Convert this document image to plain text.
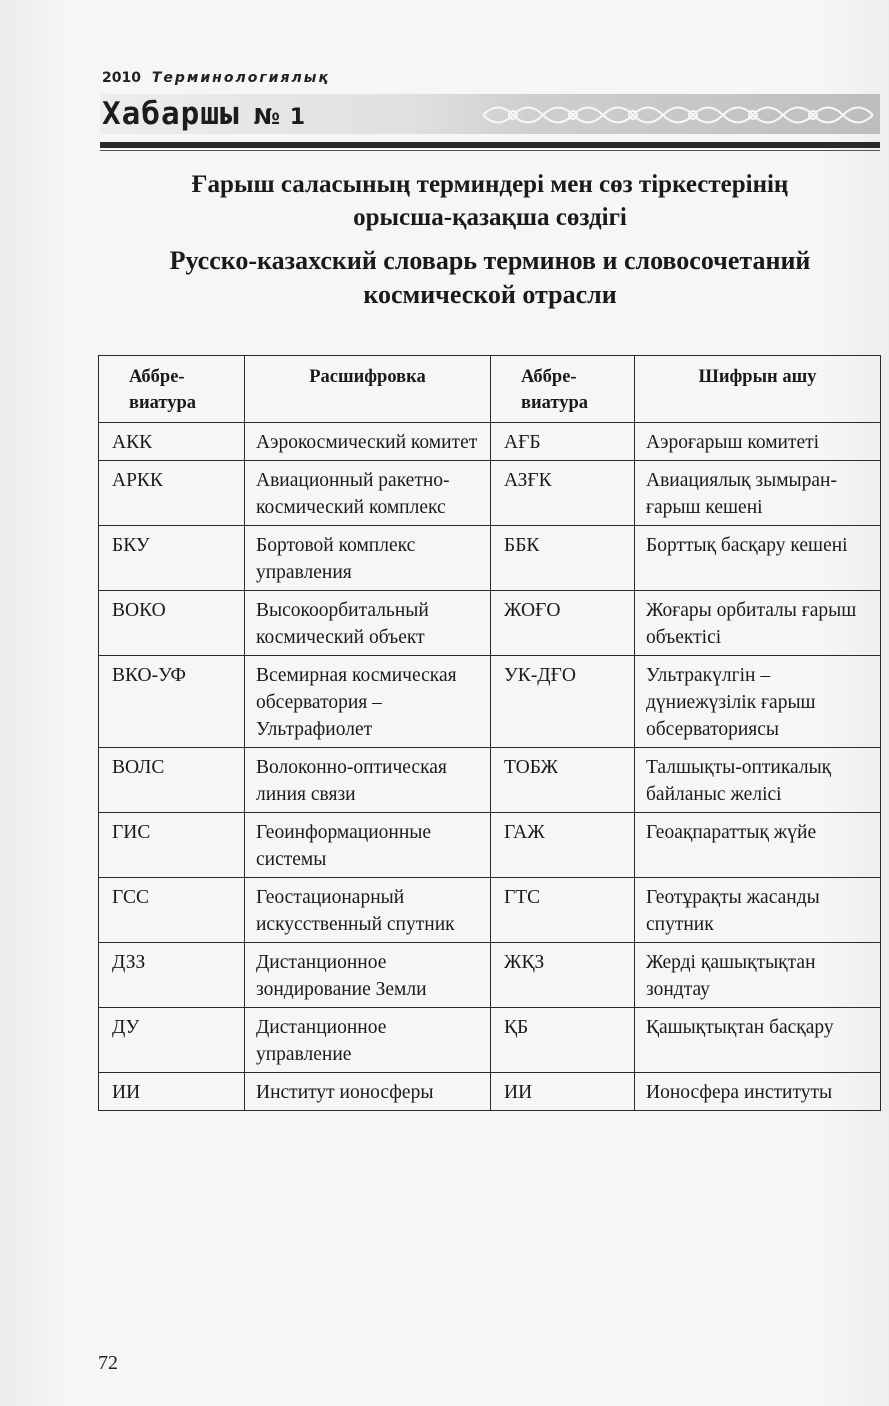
2010 Терминологиялық
Хабаршы № 1
Ғарыш саласының терминдері мен сөз тіркестерінің
орысша-қазақша сөздігі
Русско-казахский словарь терминов и словосочетаний
космической отрасли
Аббре-виатура	Расшифровка	Аббре-виатура	Шифрын ашу
АКК	Аэрокосмический комитет	АҒБ	Аэроғарыш комитеті
АРКК	Авиационный ракетно-космический комплекс	АЗҒК	Авиациялық зымыран-ғарыш кешені
БКУ	Бортовой комплекс управления	ББК	Борттық басқару кешені
ВОКО	Высокоорбитальный космический объект	ЖОҒО	Жоғары орбиталы ғарыш объектісі
ВКО-УФ	Всемирная космическая обсерватория – Ультрафиолет	УК-ДҒО	Ультракүлгін – дүниежүзілік ғарыш обсерваториясы
ВОЛС	Волоконно-оптическая линия связи	ТОБЖ	Талшықты-оптикалық байланыс желісі
ГИС	Геоинформационные системы	ГАЖ	Геоақпараттық жүйе
ГСС	Геостационарный искусственный спутник	ГТС	Геотұрақты жасанды спутник
ДЗЗ	Дистанционное зондирование Земли	ЖҚЗ	Жерді қашықтықтан зондтау
ДУ	Дистанционное управление	ҚБ	Қашықтықтан басқару
ИИ	Институт ионосферы	ИИ	Ионосфера институты
72
